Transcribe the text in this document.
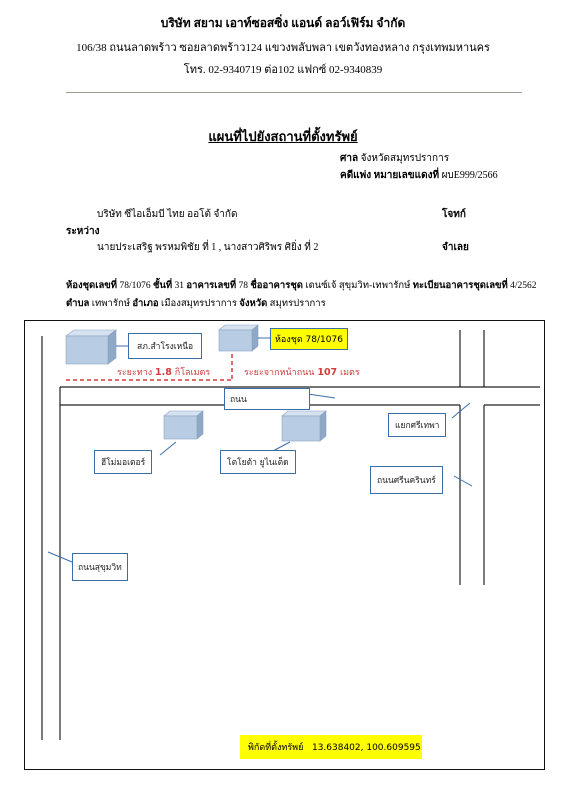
บริษัท สยาม เอาท์ซอสซิ่ง แอนด์ ลอว์เฟิร์ม จำกัด
106/38 ถนนลาดพร้าว ซอยลาดพร้าว124 แขวงพลับพลา เขตวังทองหลาง กรุงเทพมหานคร
โทร. 02-9340719 ต่อ102 แฟกซ์ 02-9340839
แผนที่ไปยังสถานที่ตั้งทรัพย์
ศาล จังหวัดสมุทรปราการ
คดีแพ่ง หมายเลขแดงที่ ผบE999/2566
บริษัท ซีไอเอ็มบี ไทย ออโต้ จำกัด	โจทก์
ระหว่าง
นายประเสริฐ พรหมพิชัย ที่ 1 , นางสาวศิริพร ศิยิ่ง ที่ 2	จำเลย
ห้องชุดเลขที่ 78/1076 ชั้นที่ 31 อาคารเลขที่ 78 ชื่ออาคารชุด เดนซ์เจ้ สุขุมวิท-เทพารักษ์ ทะเบียนอาคารชุดเลขที่ 4/2562
ตำบล เทพารักษ์ อำเภอ เมืองสมุทรปราการ จังหวัด สมุทรปราการ
สภ.สำโรงเหนือ
ห้องชุด 78/1076
ระยะทาง 1.8 กิโลเมตร	ระยะจากหน้าถนน 107 เมตร
ถนน
แยกศรีเทพา
ฮีโม่มอเตอร์	โตโยต้า ยูไนเต็ด
ถนนศรีนครินทร์
ถนนสุขุมวิท
พิกัดที่ตั้งทรัพย์ 13.638402, 100.609595
